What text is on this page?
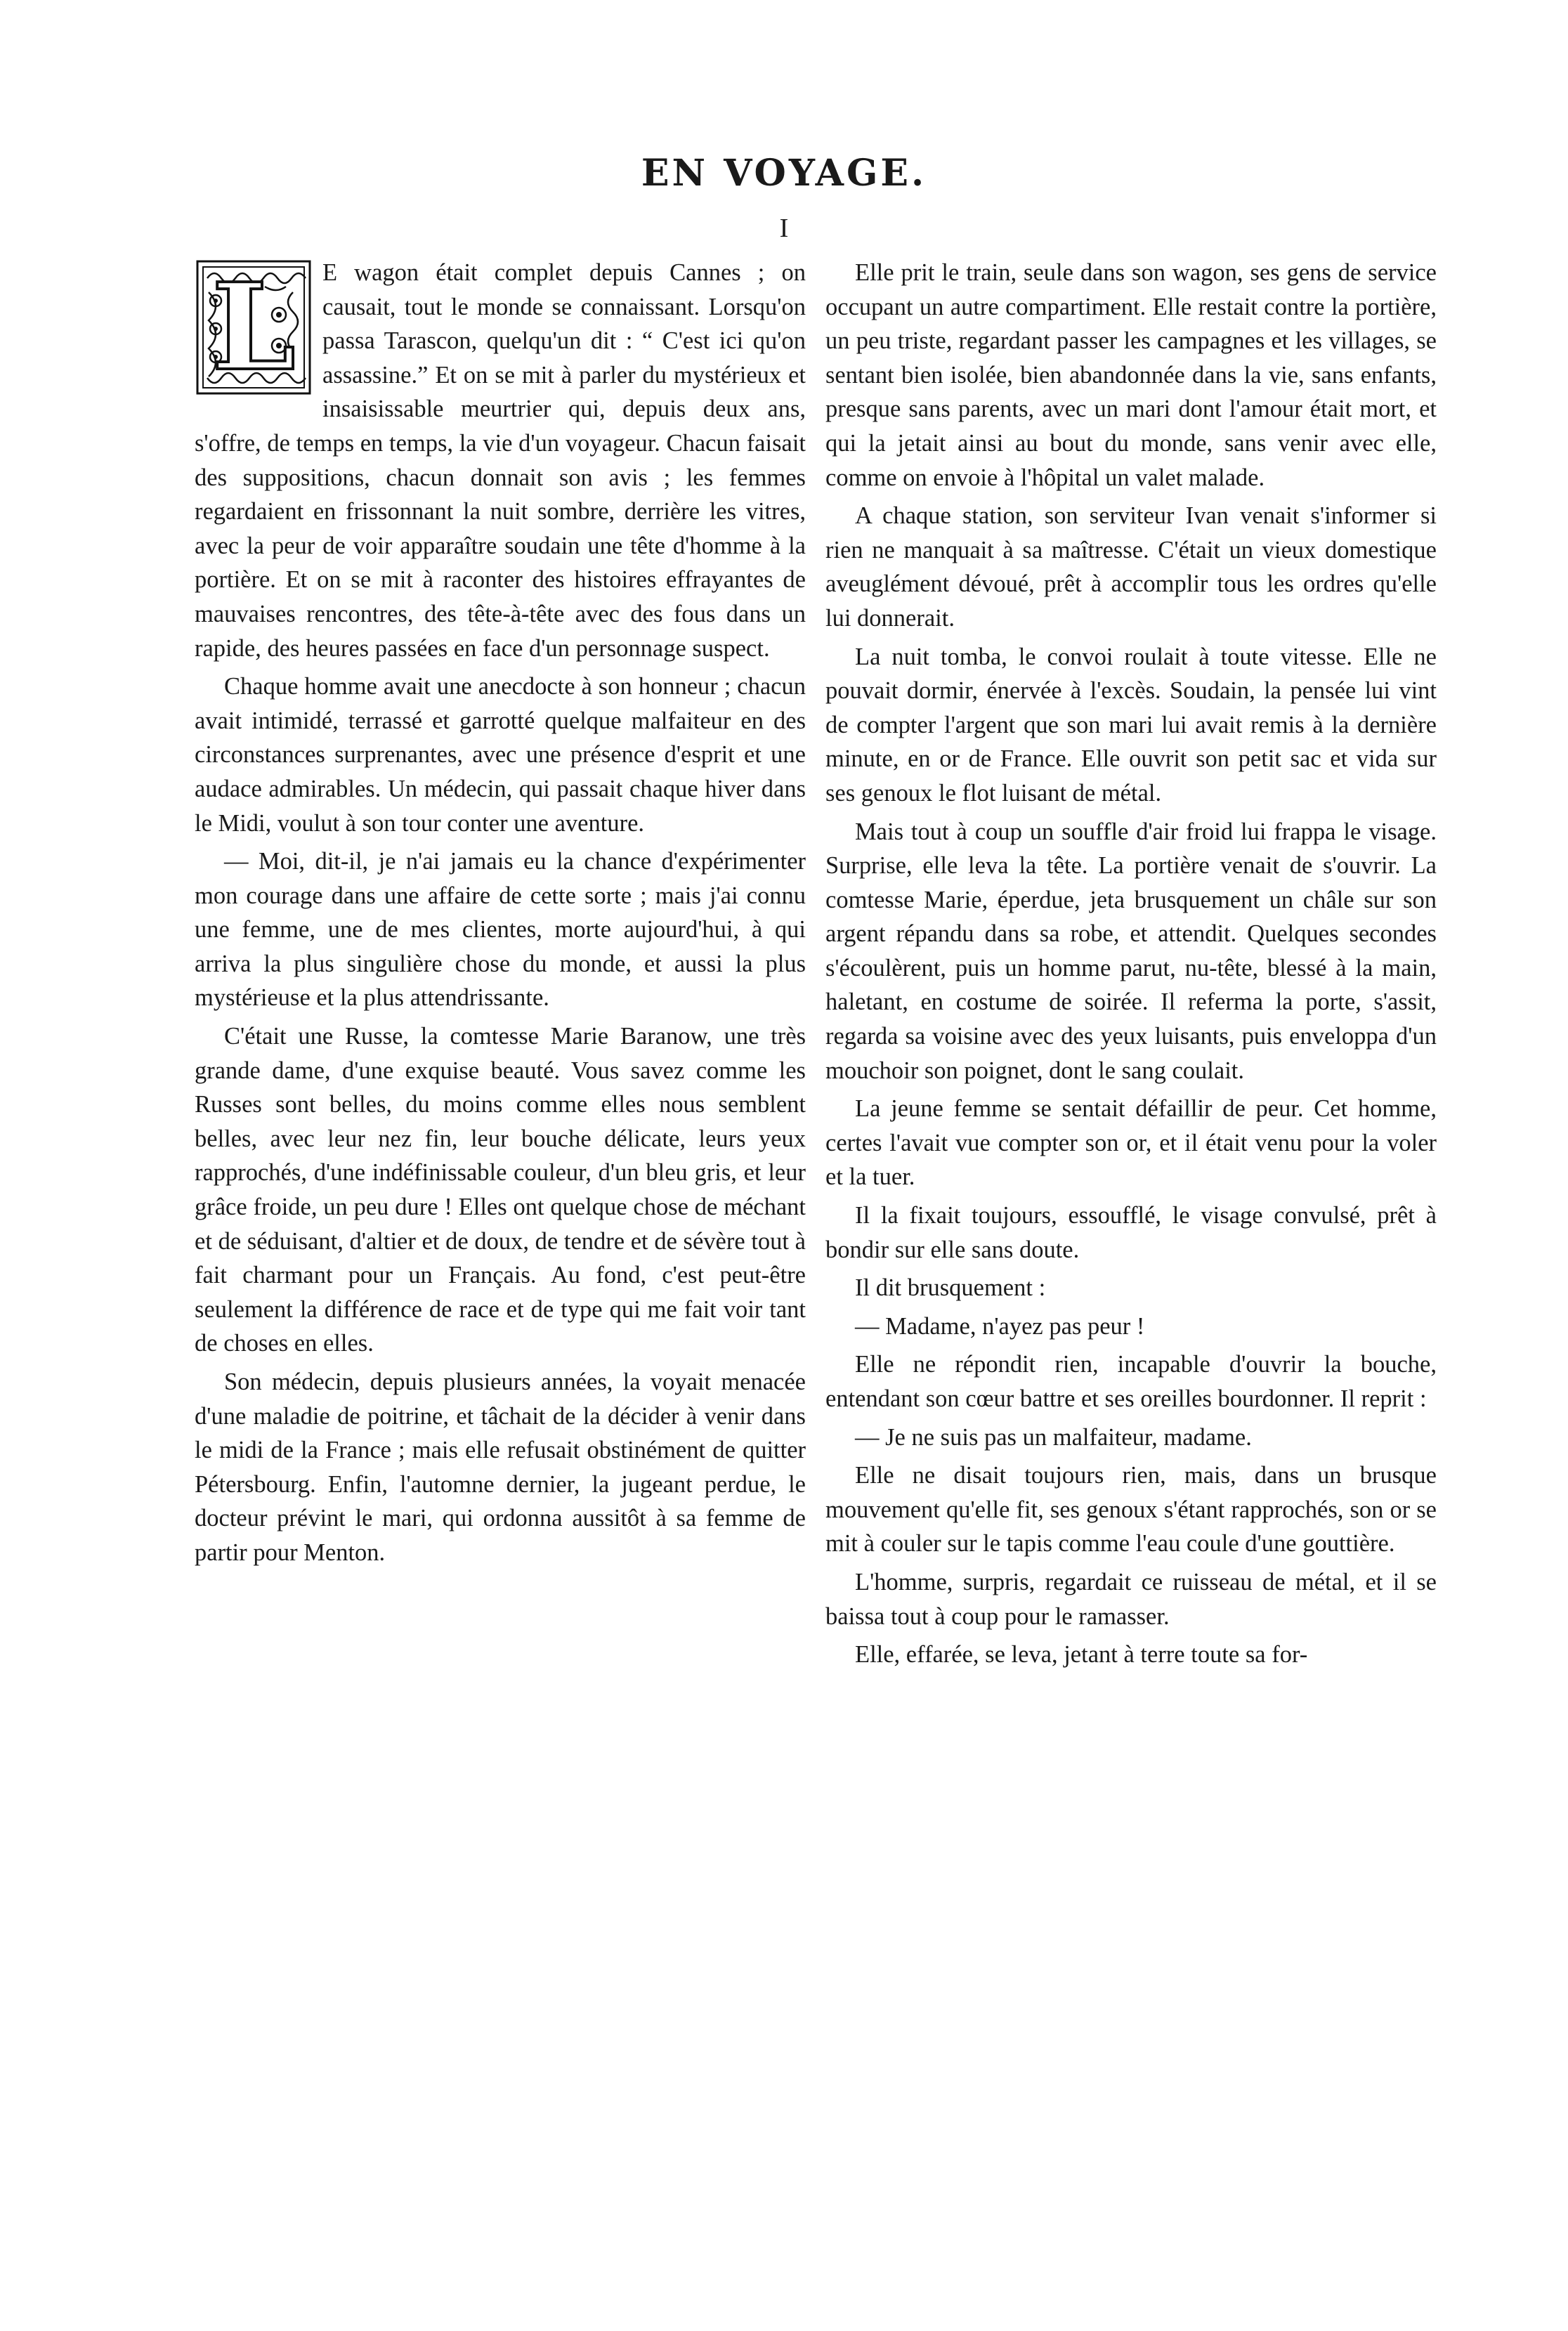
EN VOYAGE.
I

L	E wagon était complet depuis Cannes ; on causait, tout le monde se connaissant. Lorsqu'on passa Tarascon, quelqu'un dit : “ C'est ici qu'on assassine.” Et on se mit à parler du mystérieux et insaisissable meurtrier qui, depuis deux ans, s'offre, de temps en temps, la vie d'un voyageur. Chacun faisait des suppositions, chacun donnait son avis ; les femmes regardaient en frissonnant la nuit sombre, derrière les vitres, avec la peur de voir apparaître soudain une tête d'homme à la portière. Et on se mit à raconter des histoires effrayantes de mauvaises rencontres, des tête-à-tête avec des fous dans un rapide, des heures passées en face d'un personnage suspect.

Chaque homme avait une anecdocte à son honneur ; chacun avait intimidé, terrassé et garrotté quelque malfaiteur en des circonstances surprenantes, avec une présence d'esprit et une audace admirables. Un médecin, qui passait chaque hiver dans le Midi, voulut à son tour conter une aventure.

— Moi, dit-il, je n'ai jamais eu la chance d'expérimenter mon courage dans une affaire de cette sorte ; mais j'ai connu une femme, une de mes clientes, morte aujourd'hui, à qui arriva la plus singulière chose du monde, et aussi la plus mystérieuse et la plus attendrissante.

C'était une Russe, la comtesse Marie Baranow, une très grande dame, d'une exquise beauté. Vous savez comme les Russes sont belles, du moins comme elles nous semblent belles, avec leur nez fin, leur bouche délicate, leurs yeux rapprochés, d'une indéfinissable couleur, d'un bleu gris, et leur grâce froide, un peu dure ! Elles ont quelque chose de méchant et de séduisant, d'altier et de doux, de tendre et de sévère tout à fait charmant pour un Français. Au fond, c'est peut-être seulement la différence de race et de type qui me fait voir tant de choses en elles.

Son médecin, depuis plusieurs années, la voyait menacée d'une maladie de poitrine, et tâchait de la décider à venir dans le midi de la France ; mais elle refusait obstinément de quitter Pétersbourg. Enfin, l'automne dernier, la jugeant perdue, le docteur prévint le mari, qui ordonna aussitôt à sa femme de partir pour Menton.

Elle prit le train, seule dans son wagon, ses gens de service occupant un autre compartiment. Elle restait contre la portière, un peu triste, regardant passer les campagnes et les villages, se sentant bien isolée, bien abandonnée dans la vie, sans enfants, presque sans parents, avec un mari dont l'amour était mort, et qui la jetait ainsi au bout du monde, sans venir avec elle, comme on envoie à l'hôpital un valet malade.

A chaque station, son serviteur Ivan venait s'informer si rien ne manquait à sa maîtresse. C'était un vieux domestique aveuglément dévoué, prêt à accomplir tous les ordres qu'elle lui donnerait.

La nuit tomba, le convoi roulait à toute vitesse. Elle ne pouvait dormir, énervée à l'excès. Soudain, la pensée lui vint de compter l'argent que son mari lui avait remis à la dernière minute, en or de France. Elle ouvrit son petit sac et vida sur ses genoux le flot luisant de métal.

Mais tout à coup un souffle d'air froid lui frappa le visage. Surprise, elle leva la tête. La portière venait de s'ouvrir. La comtesse Marie, éperdue, jeta brusquement un châle sur son argent répandu dans sa robe, et attendit. Quelques secondes s'écoulèrent, puis un homme parut, nu-tête, blessé à la main, haletant, en costume de soirée. Il referma la porte, s'assit, regarda sa voisine avec des yeux luisants, puis enveloppa d'un mouchoir son poignet, dont le sang coulait.

La jeune femme se sentait défaillir de peur. Cet homme, certes l'avait vue compter son or, et il était venu pour la voler et la tuer.

Il la fixait toujours, essoufflé, le visage convulsé, prêt à bondir sur elle sans doute.

Il dit brusquement :

— Madame, n'ayez pas peur !

Elle ne répondit rien, incapable d'ouvrir la bouche, entendant son cœur battre et ses oreilles bourdonner. Il reprit :

— Je ne suis pas un malfaiteur, madame.

Elle ne disait toujours rien, mais, dans un brusque mouvement qu'elle fit, ses genoux s'étant rapprochés, son or se mit à couler sur le tapis comme l'eau coule d'une gouttière.

L'homme, surpris, regardait ce ruisseau de métal, et il se baissa tout à coup pour le ramasser.

Elle, effarée, se leva, jetant à terre toute sa for-
